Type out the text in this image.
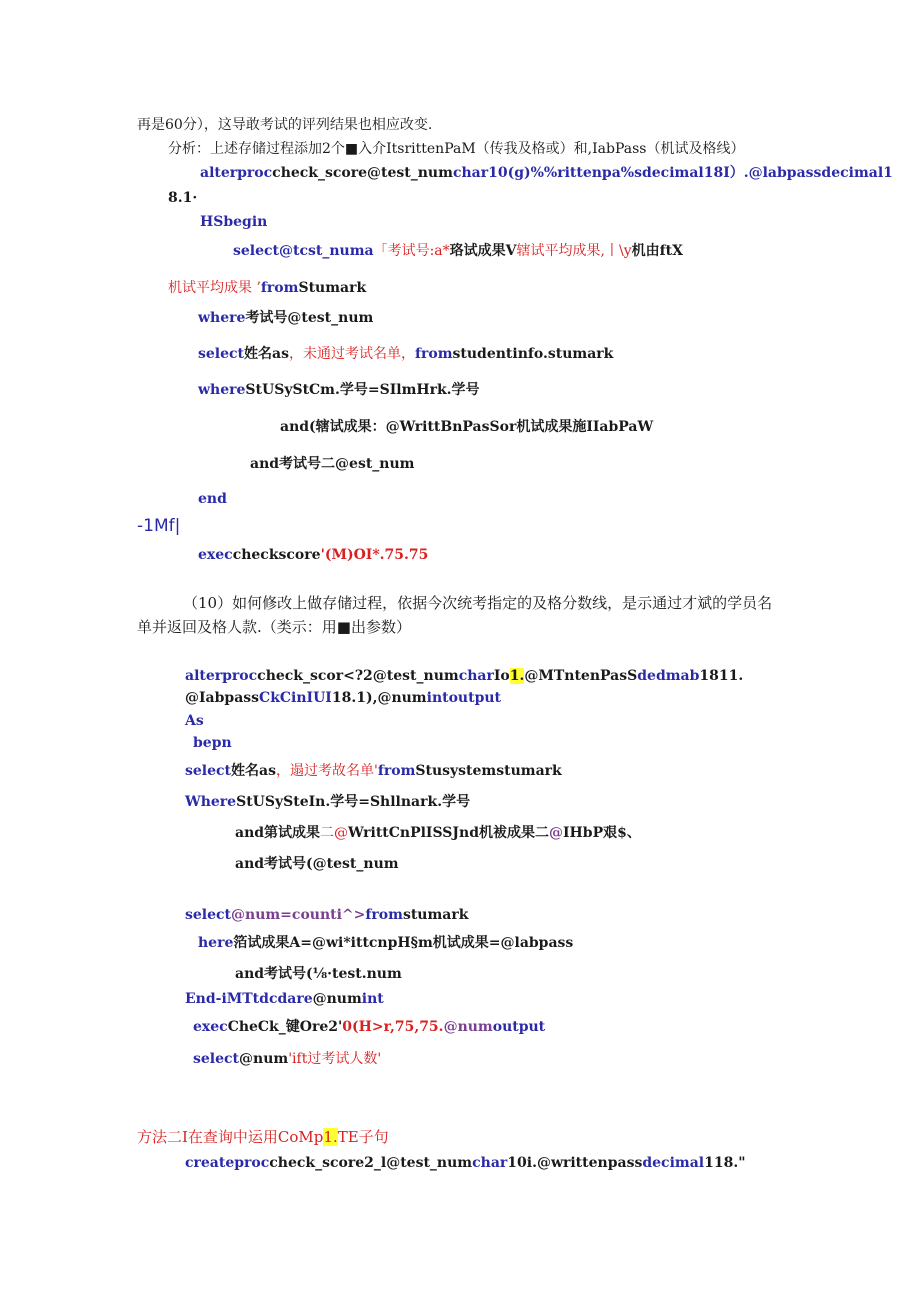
再是60分），这导敢考试的评列结果也相应改变.
分析：上述存储过程添加2个■入介ItsrittenPaM（传我及格或）和,IabPass（机试及格线）
alterproccheck_score@test_numchar10(g)%%rittenpa%sdecimal18I）.@labpassdecimal1
8.1·
HSbegin
select@tcst_numa「考试号:a*珞试成果V辖试平均成果,丨\y机由ftX
机试平均成果 ’fromStumark
where考试号@test_num
select姓名as，未通过考试名单，fromstudentinfo.stumark
whereStUSyStCm.学号=SIlmHrk.学号
and(辖试成果：@WrittBnPasSor机试成果施IIabPaW
and考试号二@est_num
end
-1Mf|
execcheckscore'(M)OI*.75.75
（10）如何修改上做存储过程，依据今次统考指定的及格分数线，是示通过才斌的学员名
单并返回及格人款.（类示：用■出参数）
alterproccheck_scor<?2@test_numcharIo1.@MTntenPasSdedmab1811.
@IabpassCkCinIUI18.1),@numintoutput
As
bepn
select姓名as，遢过考故名单'fromStusystemstumark
WhereStUSySteIn.学号=Shllnark.学号
and第试成果二@WrittCnPlISSJnd机袚成果二@IHbP艰$、
and考试号(@test_num
select@num=counti^>fromstumark
here箔试成果A=@wi*ittcnpH§m机试成果=@labpass
and考试号(⅛·test.num
End-iMTtdcdare@numint
execCheCk_键Ore2'0(H>r,75,75.@numoutput
select@num'ift过考试人数'
方法二I在查询中运用CoMp1.TE子句
createproccheck_score2_l@test_numchar10i.@writtenpassdecimal118."
